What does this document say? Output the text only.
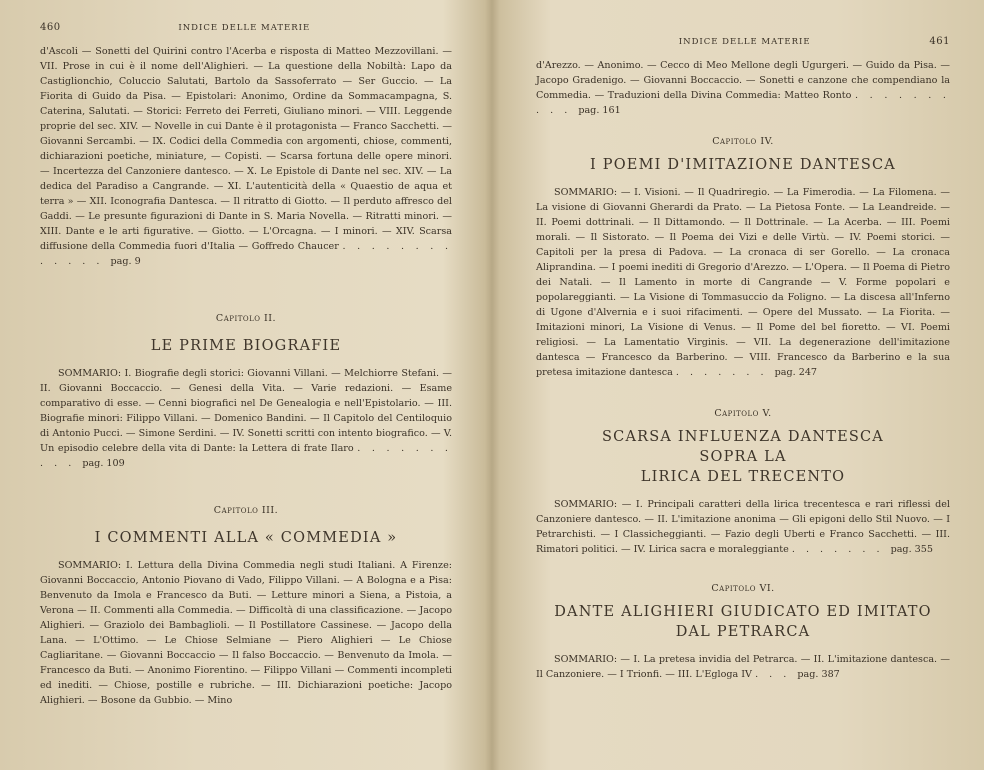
460	INDICE DELLE MATERIE

d'Ascoli — Sonetti del Quirini contro l'Acerba e risposta di Matteo Mezzovillani. — VII. Prose in cui è il nome dell'Alighieri. — La questione della Nobiltà: Lapo da Castiglionchio, Coluccio Salutati, Bartolo da Sassoferrato — Ser Guccio. — La Fiorita di Guido da Pisa. — Epistolari: Anonimo, Ordine da Sommacampagna, S. Caterina, Salutati. — Storici: Ferreto dei Ferreti, Giuliano minori. — VIII. Leggende proprie del sec. XIV. — Novelle in cui Dante è il protagonista — Franco Sacchetti. — Giovanni Sercambi. — IX. Codici della Commedia con argomenti, chiose, commenti, dichiarazioni poetiche, miniature, — Copisti. — Scarsa fortuna delle opere minori. — Incertezza del Canzoniere dantesco. — X. Le Epistole di Dante nel sec. XIV. — La dedica del Paradiso a Cangrande. — XI. L'autenticità della « Quaestio de aqua et terra » — XII. Iconografia Dantesca. — Il ritratto di Giotto. — Il perduto affresco del Gaddi. — Le presunte figurazioni di Dante in S. Maria Novella. — Ritratti minori. — XIII. Dante e le arti figurative. — Giotto. — L'Orcagna. — I minori. — XIV. Scarsa diffusione della Commedia fuori d'Italia — Goffredo Chaucer . . . . . . . . . . . . . pag. 9

Capitolo II.
LE PRIME BIOGRAFIE

SOMMARIO: I. Biografie degli storici: Giovanni Villani. — Melchiorre Stefani. — II. Giovanni Boccaccio. — Genesi della Vita. — Varie redazioni. — Esame comparativo di esse. — Cenni biografici nel De Genealogia e nell'Epistolario. — III. Biografie minori: Filippo Villani. — Domenico Bandini. — Il Capitolo del Centiloquio di Antonio Pucci. — Simone Serdini. — IV. Sonetti scritti con intento biografico. — V. Un episodio celebre della vita di Dante: la Lettera di frate Ilaro . . . . . . . . . . pag. 109

Capitolo III.
I COMMENTI ALLA « COMMEDIA »

SOMMARIO: I. Lettura della Divina Commedia negli studi Italiani. A Firenze: Giovanni Boccaccio, Antonio Piovano di Vado, Filippo Villani. — A Bologna e a Pisa: Benvenuto da Imola e Francesco da Buti. — Letture minori a Siena, a Pistoia, a Verona — II. Commenti alla Commedia. — Difficoltà di una classificazione. — Jacopo Alighieri. — Graziolo dei Bambaglioli. — Il Postillatore Cassinese. — Jacopo della Lana. — L'Ottimo. — Le Chiose Selmiane — Piero Alighieri — Le Chiose Cagliaritane. — Giovanni Boccaccio — Il falso Boccaccio. — Benvenuto da Imola. — Francesco da Buti. — Anonimo Fiorentino. — Filippo Villani — Commenti incompleti ed inediti. — Chiose, postille e rubriche. — III. Dichiarazioni poetiche: Jacopo Alighieri. — Bosone da Gubbio. — Mino

INDICE DELLE MATERIE	461

d'Arezzo. — Anonimo. — Cecco di Meo Mellone degli Ugurgeri. — Guido da Pisa. — Jacopo Gradenigo. — Giovanni Boccaccio. — Sonetti e canzone che compendiano la Commedia. — Traduzioni della Divina Commedia: Matteo Ronto . . . . . . . . . . pag. 161

Capitolo IV.
I POEMI D'IMITAZIONE DANTESCA

SOMMARIO: — I. Visioni. — Il Quadriregio. — La Fimerodia. — La Filomena. — La visione di Giovanni Gherardi da Prato. — La Pietosa Fonte. — La Leandreide. — II. Poemi dottrinali. — Il Dittamondo. — Il Dottrinale. — La Acerba. — III. Poemi morali. — Il Sistorato. — Il Poema dei Vizi e delle Virtù. — IV. Poemi storici. — Capitoli per la presa di Padova. — La cronaca di ser Gorello. — La cronaca Aliprandina. — I poemi inediti di Gregorio d'Arezzo. — L'Opera. — Il Poema di Pietro dei Natali. — Il Lamento in morte di Cangrande — V. Forme popolari e popolareggianti. — La Visione di Tommasuccio da Foligno. — La discesa all'Inferno di Ugone d'Alvernia e i suoi rifacimenti. — Opere del Mussato. — La Fiorita. — Imitazioni minori, La Visione di Venus. — Il Pome del bel fioretto. — VI. Poemi religiosi. — La Lamentatio Virginis. — VII. La degenerazione dell'imitazione dantesca — Francesco da Barberino. — VIII. Francesco da Barberino e la sua pretesa imitazione dantesca . . . . . . . pag. 247

Capitolo V.
SCARSA INFLUENZA DANTESCA
SOPRA LA
LIRICA DEL TRECENTO

SOMMARIO: — I. Principali caratteri della lirica trecentesca e rari riflessi del Canzoniere dantesco. — II. L'imitazione anonima — Gli epigoni dello Stil Nuovo. — I Petrarchisti. — I Classicheggianti. — Fazio degli Uberti e Franco Sacchetti. — III. Rimatori politici. — IV. Lirica sacra e moraleggiante . . . . . . . pag. 355

Capitolo VI.
DANTE ALIGHIERI GIUDICATO ED IMITATO
DAL PETRARCA

SOMMARIO: — I. La pretesa invidia del Petrarca. — II. L'imitazione dantesca. — Il Canzoniere. — I Trionfi. — III. L'Egloga IV . . . pag. 387
